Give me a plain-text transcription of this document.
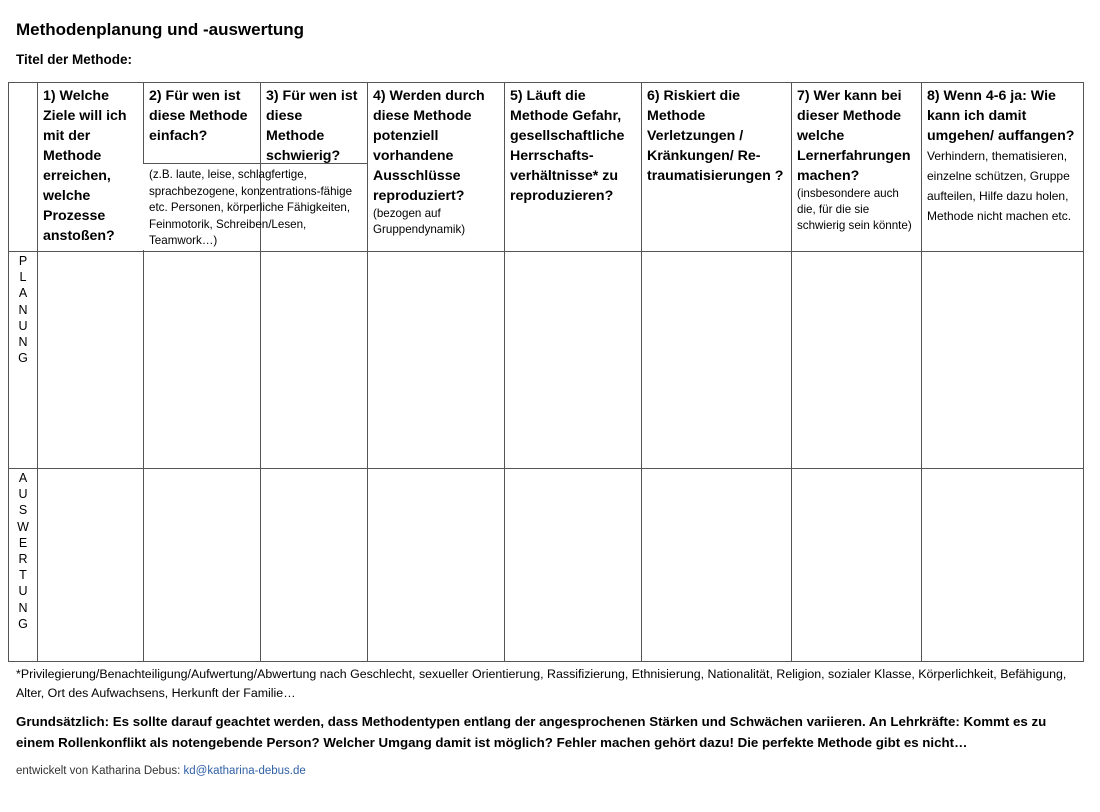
Methodenplanung und -auswertung

Titel der Methode:

1) Welche Ziele will ich mit der Methode erreichen, welche Prozesse anstoßen?
2) Für wen ist diese Methode einfach?
3) Für wen ist diese Methode schwierig?
(z.B. laute, leise, schlagfertige, sprachbezogene, konzentrations-fähige etc. Personen, körperliche Fähigkeiten, Feinmotorik, Schreiben/Lesen, Teamwork…)
4) Werden durch diese Methode potenziell vorhandene Ausschlüsse reproduziert?
(bezogen auf Gruppendynamik)
5) Läuft die Methode Gefahr, gesellschaftliche Herrschafts-verhältnisse* zu reproduzieren?
6) Riskiert die Methode Verletzungen / Kränkungen/ Re-traumatisierungen ?
7) Wer kann bei dieser Methode welche Lernerfahrungen machen?
(insbesondere auch die, für die sie schwierig sein könnte)
8) Wenn 4-6 ja: Wie kann ich damit umgehen/ auffangen? Verhindern, thematisieren, einzelne schützen, Gruppe aufteilen, Hilfe dazu holen, Methode nicht machen etc.
P
L
A
N
U
N
G
A
U
S
W
E
R
T
U
N
G

*Privilegierung/Benachteiligung/Aufwertung/Abwertung nach Geschlecht, sexueller Orientierung, Rassifizierung, Ethnisierung, Nationalität, Religion, sozialer Klasse, Körperlichkeit, Befähigung, Alter, Ort des Aufwachsens, Herkunft der Familie…

Grundsätzlich: Es sollte darauf geachtet werden, dass Methodentypen entlang der angesprochenen Stärken und Schwächen variieren. An Lehrkräfte: Kommt es zu einem Rollenkonflikt als notengebende Person? Welcher Umgang damit ist möglich? Fehler machen gehört dazu! Die perfekte Methode gibt es nicht…

entwickelt von Katharina Debus: kd@katharina-debus.de
